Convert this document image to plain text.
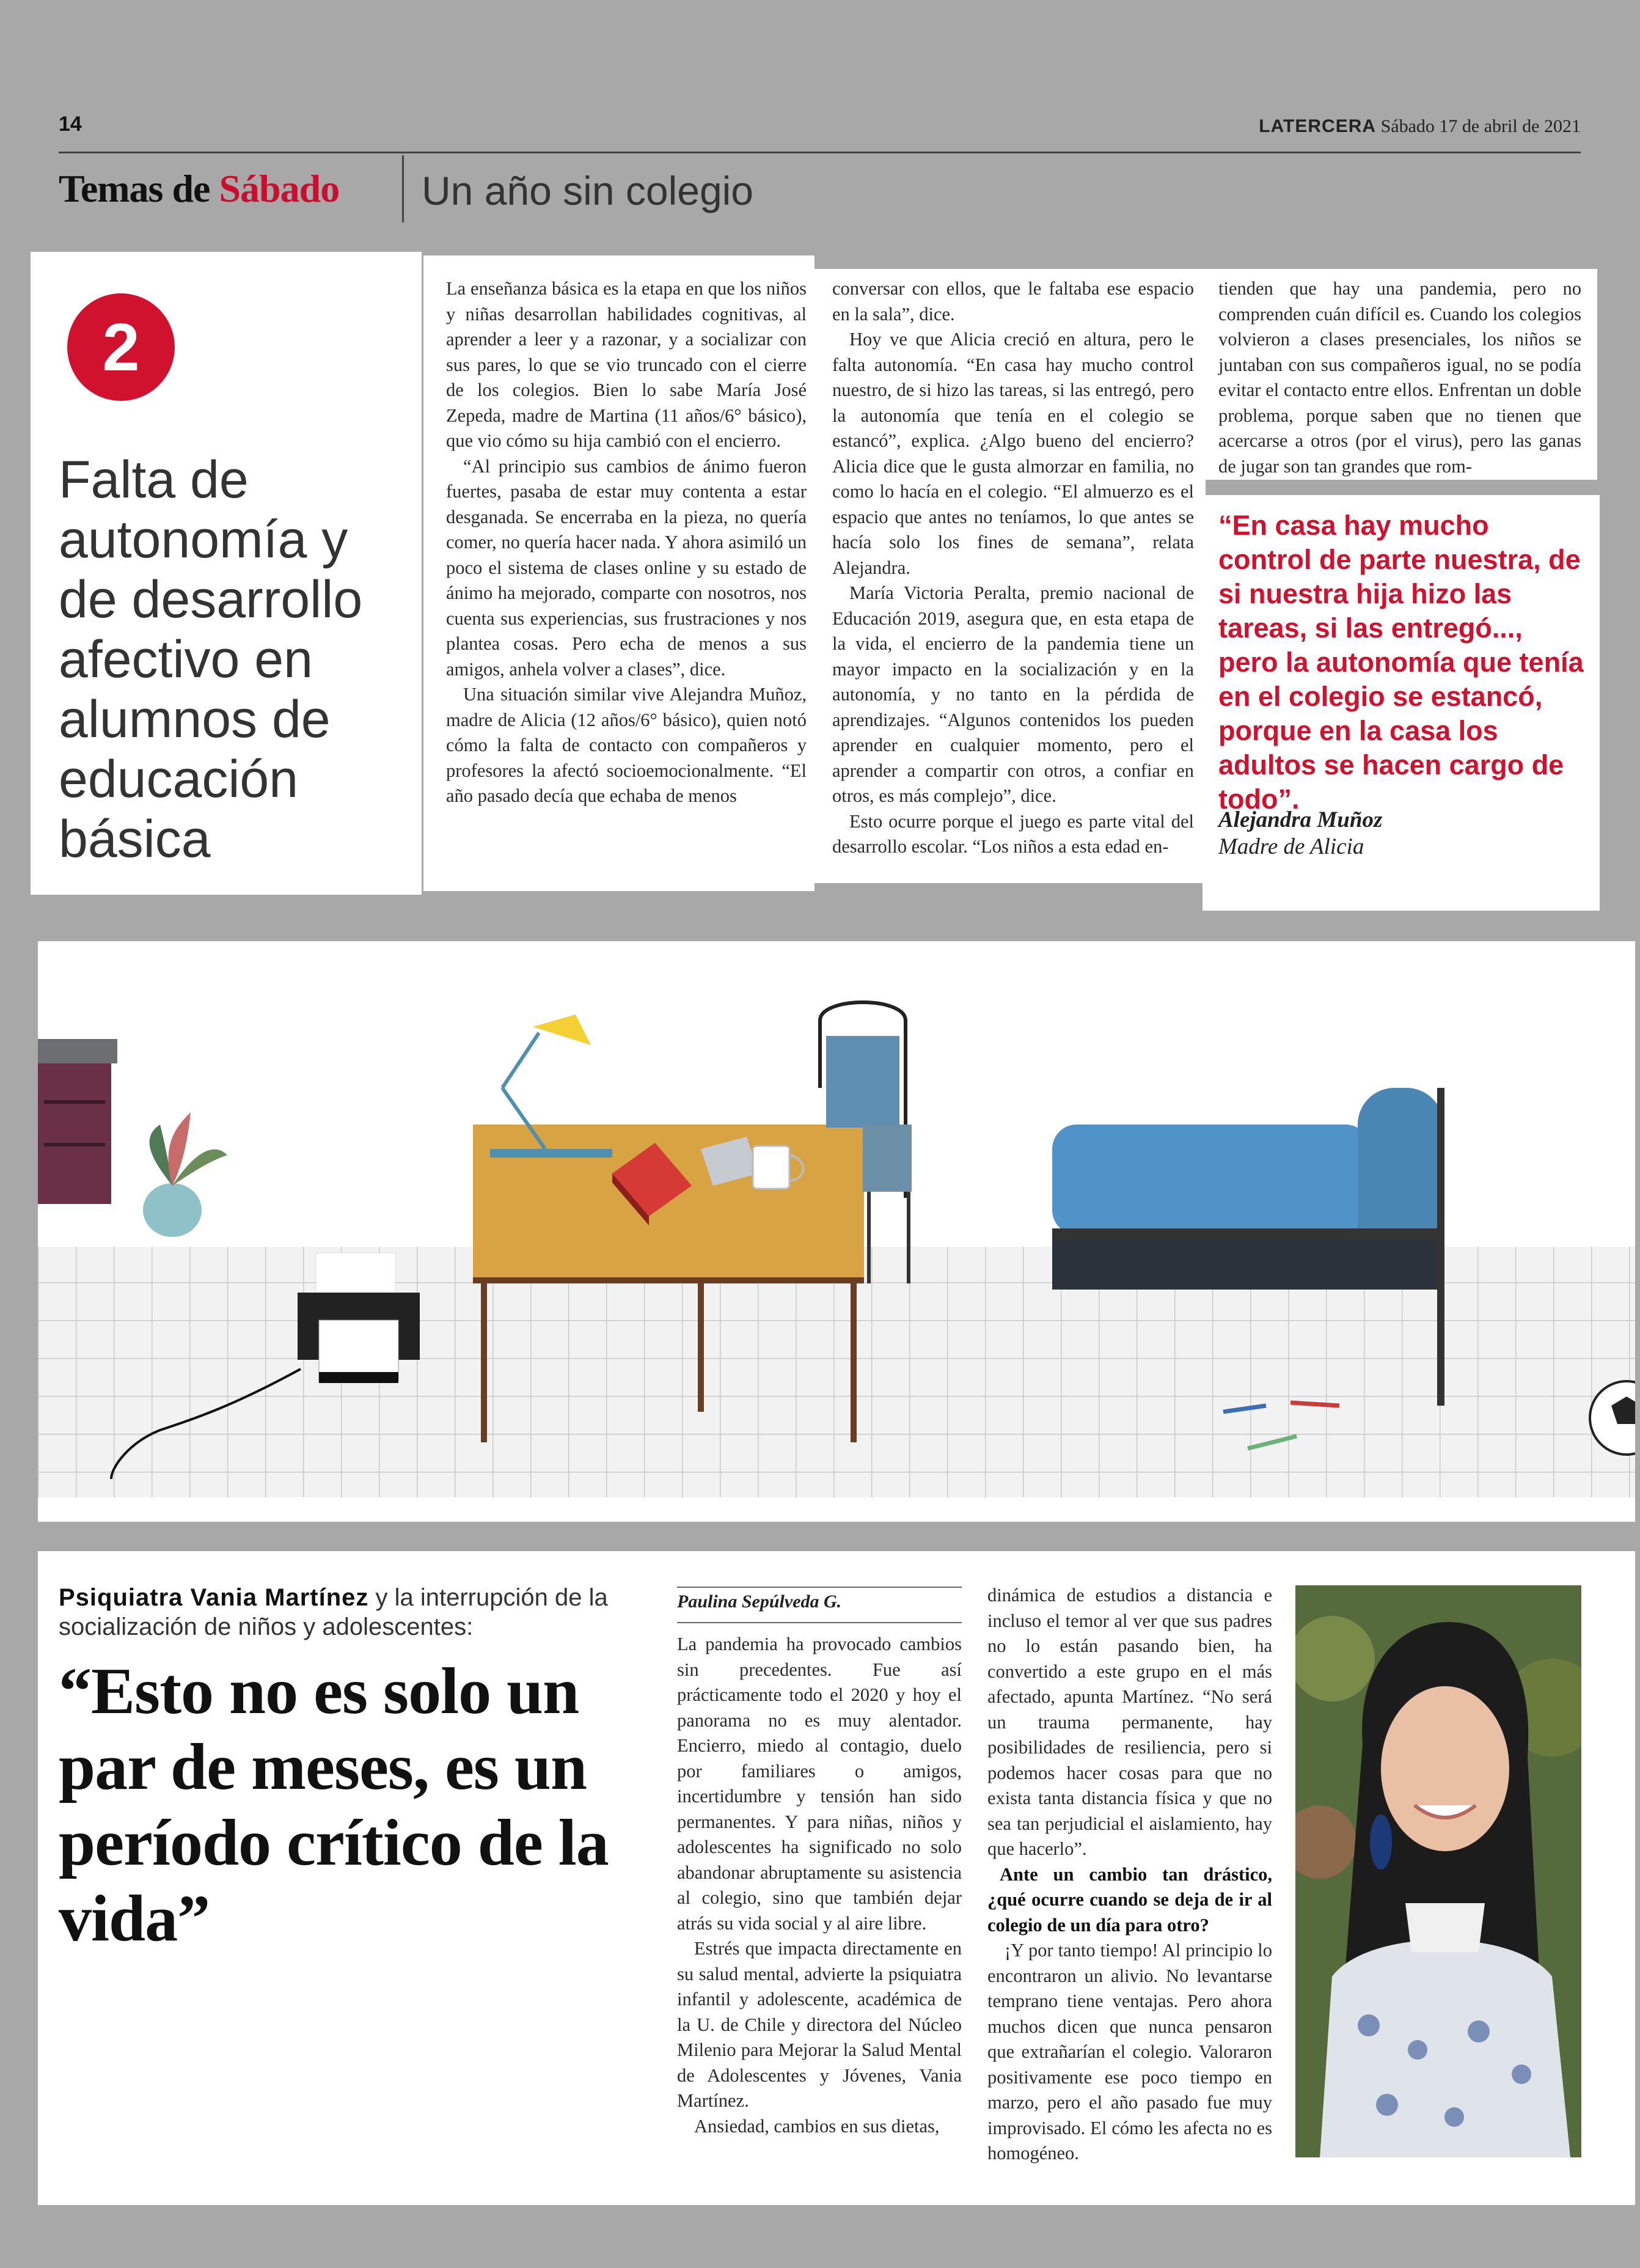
14	LATERCERA Sábado 17 de abril de 2021
Temas de Sábado Un año sin colegio
2
Falta de autonomía y de desarrollo afectivo en alumnos de educación básica

La enseñanza básica es la etapa en que los niños y niñas desarrollan habilidades cognitivas, al aprender a leer y a razonar, y a socializar con sus pares, lo que se vio truncado con el cierre de los colegios. Bien lo sabe María José Zepeda, madre de Martina (11 años/6° básico), que vio cómo su hija cambió con el encierro.

“Al principio sus cambios de ánimo fueron fuertes, pasaba de estar muy contenta a estar desganada. Se encerraba en la pieza, no quería comer, no quería hacer nada. Y ahora asimiló un poco el sistema de clases online y su estado de ánimo ha mejorado, comparte con nosotros, nos cuenta sus experiencias, sus frustraciones y nos plantea cosas. Pero echa de menos a sus amigos, anhela volver a clases”, dice.

Una situación similar vive Alejandra Muñoz, madre de Alicia (12 años/6° básico), quien notó cómo la falta de contacto con compañeros y profesores la afectó socioemocionalmente. “El año pasado decía que echaba de menos

conversar con ellos, que le faltaba ese espacio en la sala”, dice.

Hoy ve que Alicia creció en altura, pero le falta autonomía. “En casa hay mucho control nuestro, de si hizo las tareas, si las entregó, pero la autonomía que tenía en el colegio se estancó”, explica. ¿Algo bueno del encierro? Alicia dice que le gusta almorzar en familia, no como lo hacía en el colegio. “El almuerzo es el espacio que antes no teníamos, lo que antes se hacía solo los fines de semana”, relata Alejandra.

María Victoria Peralta, premio nacional de Educación 2019, asegura que, en esta etapa de la vida, el encierro de la pandemia tiene un mayor impacto en la socialización y en la autonomía, y no tanto en la pérdida de aprendizajes. “Algunos contenidos los pueden aprender en cualquier momento, pero el aprender a compartir con otros, a confiar en otros, es más complejo”, dice.

Esto ocurre porque el juego es parte vital del desarrollo escolar. “Los niños a esta edad en-

tienden que hay una pandemia, pero no comprenden cuán difícil es. Cuando los colegios volvieron a clases presenciales, los niños se juntaban con sus compañeros igual, no se podía evitar el contacto entre ellos. Enfrentan un doble problema, porque saben que no tienen que acercarse a otros (por el virus), pero las ganas de jugar son tan grandes que rom-

“En casa hay mucho control de parte nuestra, de si nuestra hija hizo las tareas, si las entregó..., pero la autonomía que tenía en el colegio se estancó, porque en la casa los adultos se hacen cargo de todo”.
Alejandra Muñoz
Madre de Alicia
Psiquiatra Vania Martínez y la interrupción de la socialización de niños y adolescentes:
“Esto no es solo un par de meses, es un período crítico de la vida”
Paulina Sepúlveda G.

La pandemia ha provocado cambios sin precedentes. Fue así prácticamente todo el 2020 y hoy el panorama no es muy alentador. Encierro, miedo al contagio, duelo por familiares o amigos, incertidumbre y tensión han sido permanentes. Y para niñas, niños y adolescentes ha significado no solo abandonar abruptamente su asistencia al colegio, sino que también dejar atrás su vida social y al aire libre.

Estrés que impacta directamente en su salud mental, advierte la psiquiatra infantil y adolescente, académica de la U. de Chile y directora del Núcleo Milenio para Mejorar la Salud Mental de Adolescentes y Jóvenes, Vania Martínez.

Ansiedad, cambios en sus dietas,

dinámica de estudios a distancia e incluso el temor al ver que sus padres no lo están pasando bien, ha convertido a este grupo en el más afectado, apunta Martínez. “No será un trauma permanente, hay posibilidades de resiliencia, pero si podemos hacer cosas para que no exista tanta distancia física y que no sea tan perjudicial el aislamiento, hay que hacerlo”.

Ante un cambio tan drástico, ¿qué ocurre cuando se deja de ir al colegio de un día para otro?

¡Y por tanto tiempo! Al principio lo encontraron un alivio. No levantarse temprano tiene ventajas. Pero ahora muchos dicen que nunca pensaron que extrañarían el colegio. Valoraron positivamente ese poco tiempo en marzo, pero el año pasado fue muy improvisado. El cómo les afecta no es homogéneo.
